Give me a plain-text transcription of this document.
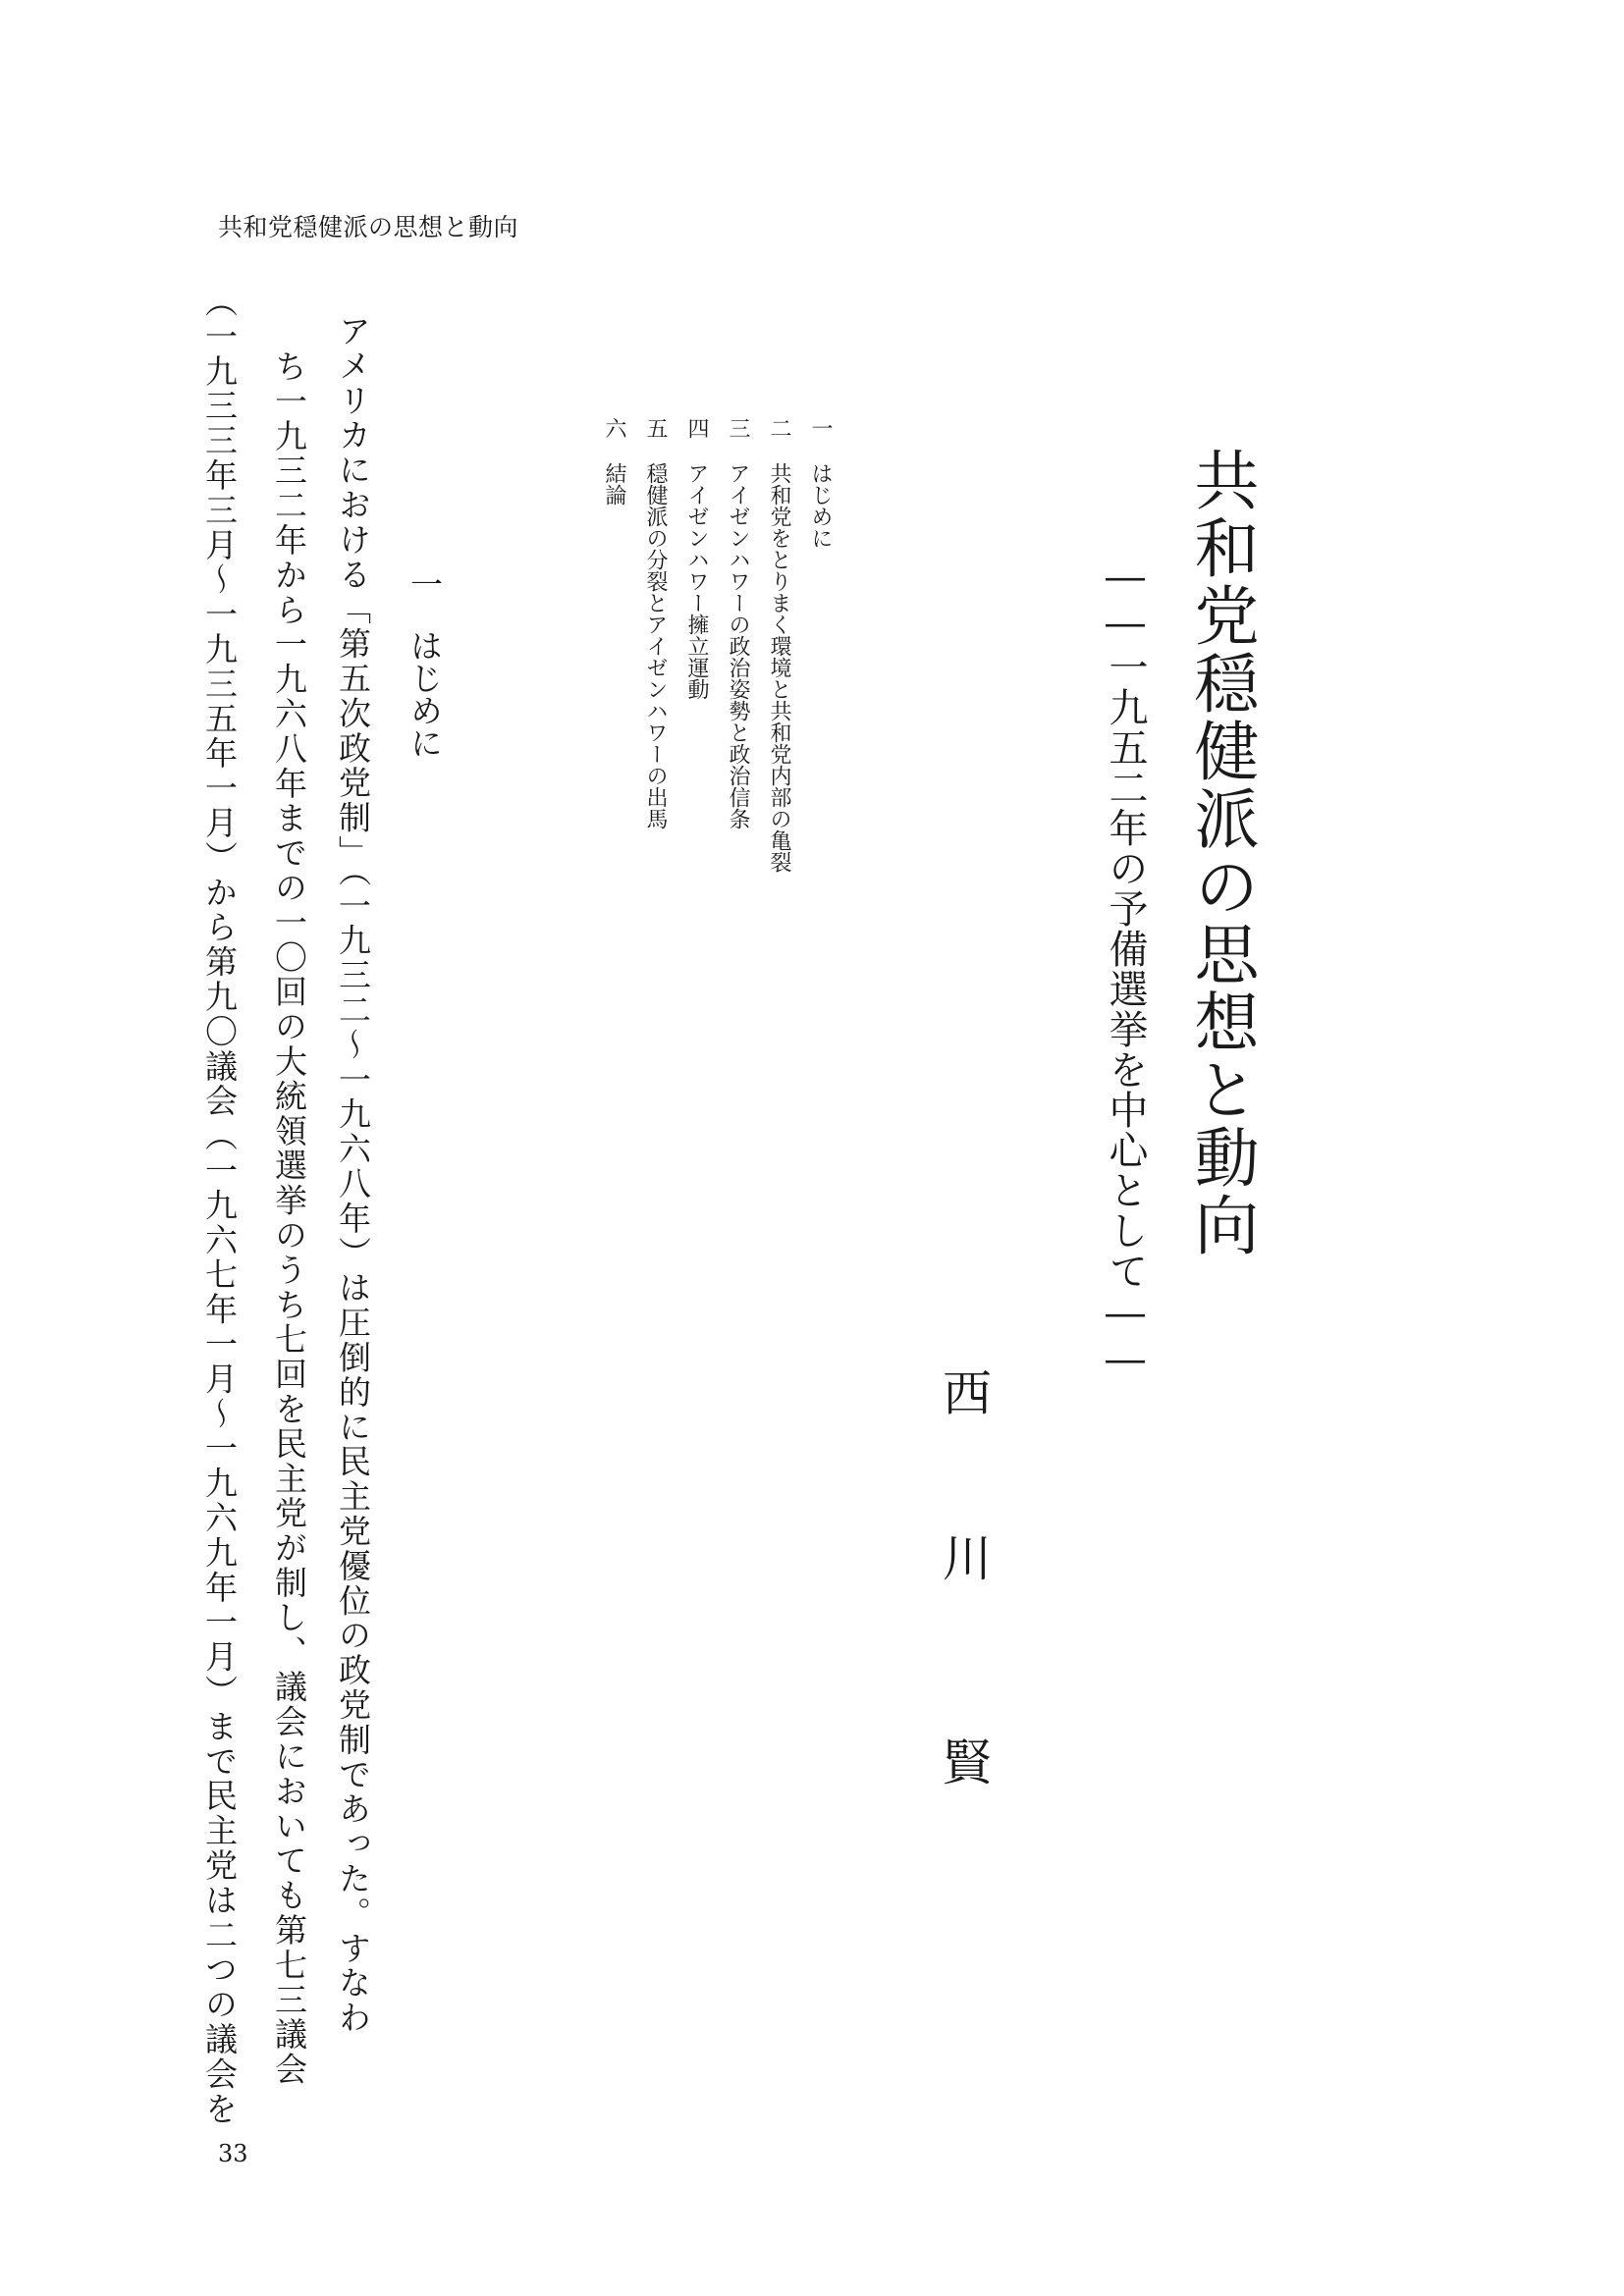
共和党穏健派の思想と動向
共和党穏健派の思想と動向
――一九五二年の予備選挙を中心として――
西
川
賢
一はじめに
二共和党をとりまく環境と共和党内部の亀裂
三アイゼンハワーの政治姿勢と政治信条
四アイゼンハワー擁立運動
五穏健派の分裂とアイゼンハワーの出馬
六結論
一はじめに
アメリカにおける「第五次政党制」（一九三二～一九六八年）は圧倒的に民主党優位の政党制であった。すなわ
ち一九三二年から一九六八年までの一〇回の大統領選挙のうち七回を民主党が制し、議会においても第七三議会
（一九三三年三月～一九三五年一月）から第九〇議会（一九六七年一月～一九六九年一月）まで民主党は二つの議会を
33
